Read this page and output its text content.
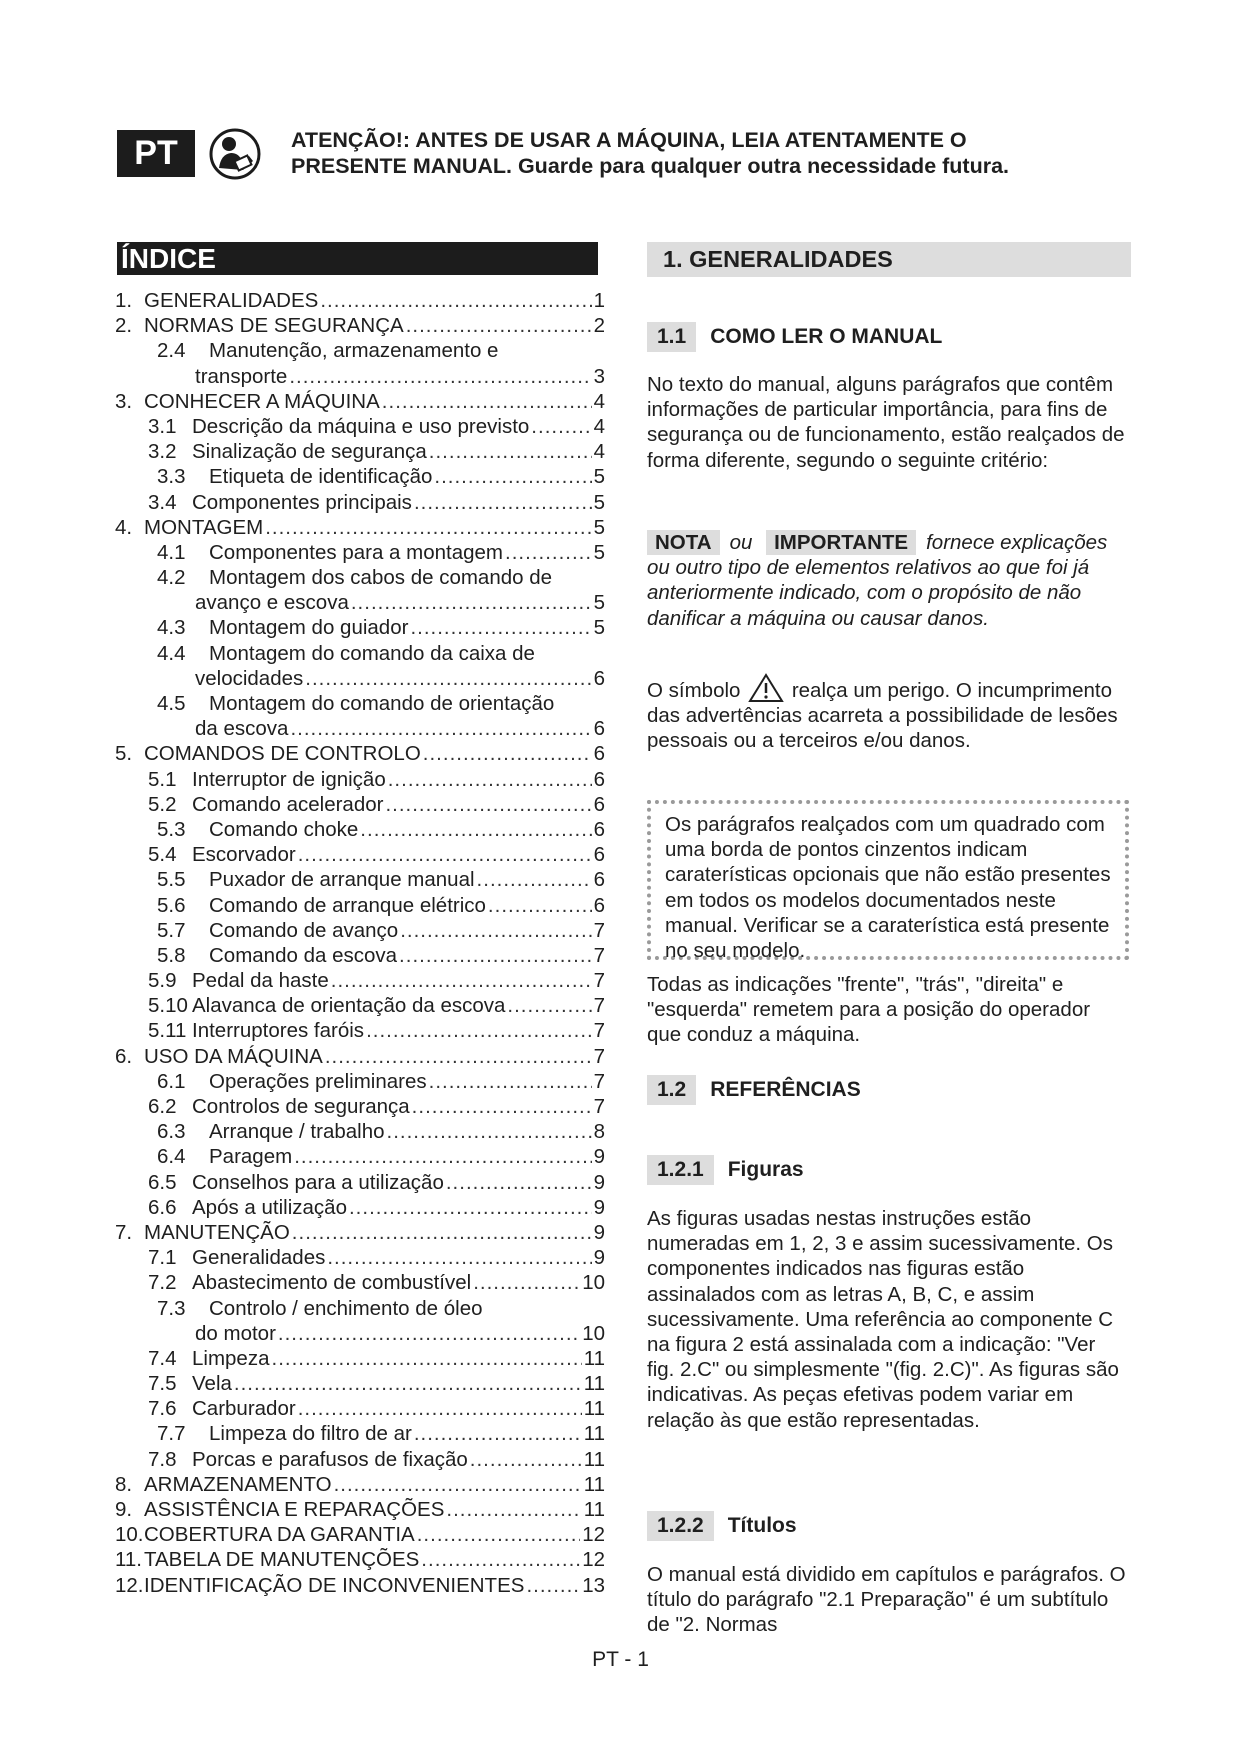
PT	ATENÇÃO!: ANTES DE USAR A MÁQUINA, LEIA ATENTAMENTE O
PRESENTE MANUAL. Guarde para qualquer outra necessidade futura.
ÍNDICE
1. GENERALIDADES .....	1
2. NORMAS DE SEGURANÇA .....	2
2.4	Manutenção, armazenamento e
transporte .....	3
3. CONHECER A MÁQUINA .....	4
3.1 Descrição da máquina e uso previsto .....	4
3.2 Sinalização de segurança .....	4
3.3	Etiqueta de identificação .....	5
3.4 Componentes principais .....	5
4. MONTAGEM .....	5
4.1	Componentes para a montagem .....	5
4.2	Montagem dos cabos de comando de
avanço e escova .....	5
4.3	Montagem do guiador .....	5
4.4	Montagem do comando da caixa de
velocidades .....	6
4.5	Montagem do comando de orientação
da escova .....	6
5. COMANDOS DE CONTROLO .....	6
5.1 Interruptor de ignição .....	6
5.2 Comando acelerador .....	6
5.3	Comando choke .....	6
5.4 Escorvador .....	6
5.5	Puxador de arranque manual .....	6
5.6	Comando de arranque elétrico .....	6
5.7	Comando de avanço .....	7
5.8	Comando da escova .....	7
5.9 Pedal da haste .....	7
5.10 Alavanca de orientação da escova .....	7
5.11 Interruptores faróis .....	7
6. USO DA MÁQUINA .....	7
6.1	Operações preliminares .....	7
6.2 Controlos de segurança .....	7
6.3	Arranque / trabalho .....	8
6.4	Paragem .....	9
6.5 Conselhos para a utilização .....	9
6.6 Após a utilização .....	9
7. MANUTENÇÃO .....	9
7.1 Generalidades .....	9
7.2 Abastecimento de combustível .....	10
7.3	Controlo / enchimento de óleo
do motor .....	10
7.4 Limpeza .....	11
7.5 Vela .....	11
7.6 Carburador .....	11
7.7	Limpeza do filtro de ar .....	11
7.8 Porcas e parafusos de fixação .....	11
8. ARMAZENAMENTO .....	11
9. ASSISTÊNCIA E REPARAÇÕES .....	11
10. COBERTURA DA GARANTIA .....	12
11. TABELA DE MANUTENÇÕES .....	12
12. IDENTIFICAÇÃO DE INCONVENIENTES .....	13
1. GENERALIDADES
1.1	COMO LER O MANUAL
No texto do manual, alguns parágrafos que contêm informações de particular importância, para fins de segurança ou de funcionamento, estão realçados de forma diferente, segundo o seguinte critério:
NOTA ou IMPORTANTE fornece explicações ou outro tipo de elementos relativos ao que foi já anteriormente indicado, com o propósito de não danificar a máquina ou causar danos.
O símbolo	realça um perigo. O incumprimento das advertências acarreta a possibilidade de lesões pessoais ou a terceiros e/ou danos.
Os parágrafos realçados com um quadrado com uma borda de pontos cinzentos indicam caraterísticas opcionais que não estão presentes em todos os modelos documentados neste manual. Verificar se a caraterística está presente no seu modelo.
Todas as indicações "frente", "trás", "direita" e "esquerda" remetem para a posição do operador que conduz a máquina.
1.2	REFERÊNCIAS
1.2.1	Figuras
As figuras usadas nestas instruções estão numeradas em 1, 2, 3 e assim sucessivamente. Os componentes indicados nas figuras estão assinalados com as letras A, B, C, e assim sucessivamente. Uma referência ao componente C na figura 2 está assinalada com a indicação: "Ver fig. 2.C" ou simplesmente "(fig. 2.C)". As figuras são indicativas. As peças efetivas podem variar em relação às que estão representadas.
1.2.2	Títulos
O manual está dividido em capítulos e parágrafos. O título do parágrafo "2.1 Preparação" é um subtítulo de "2. Normas
PT - 1
